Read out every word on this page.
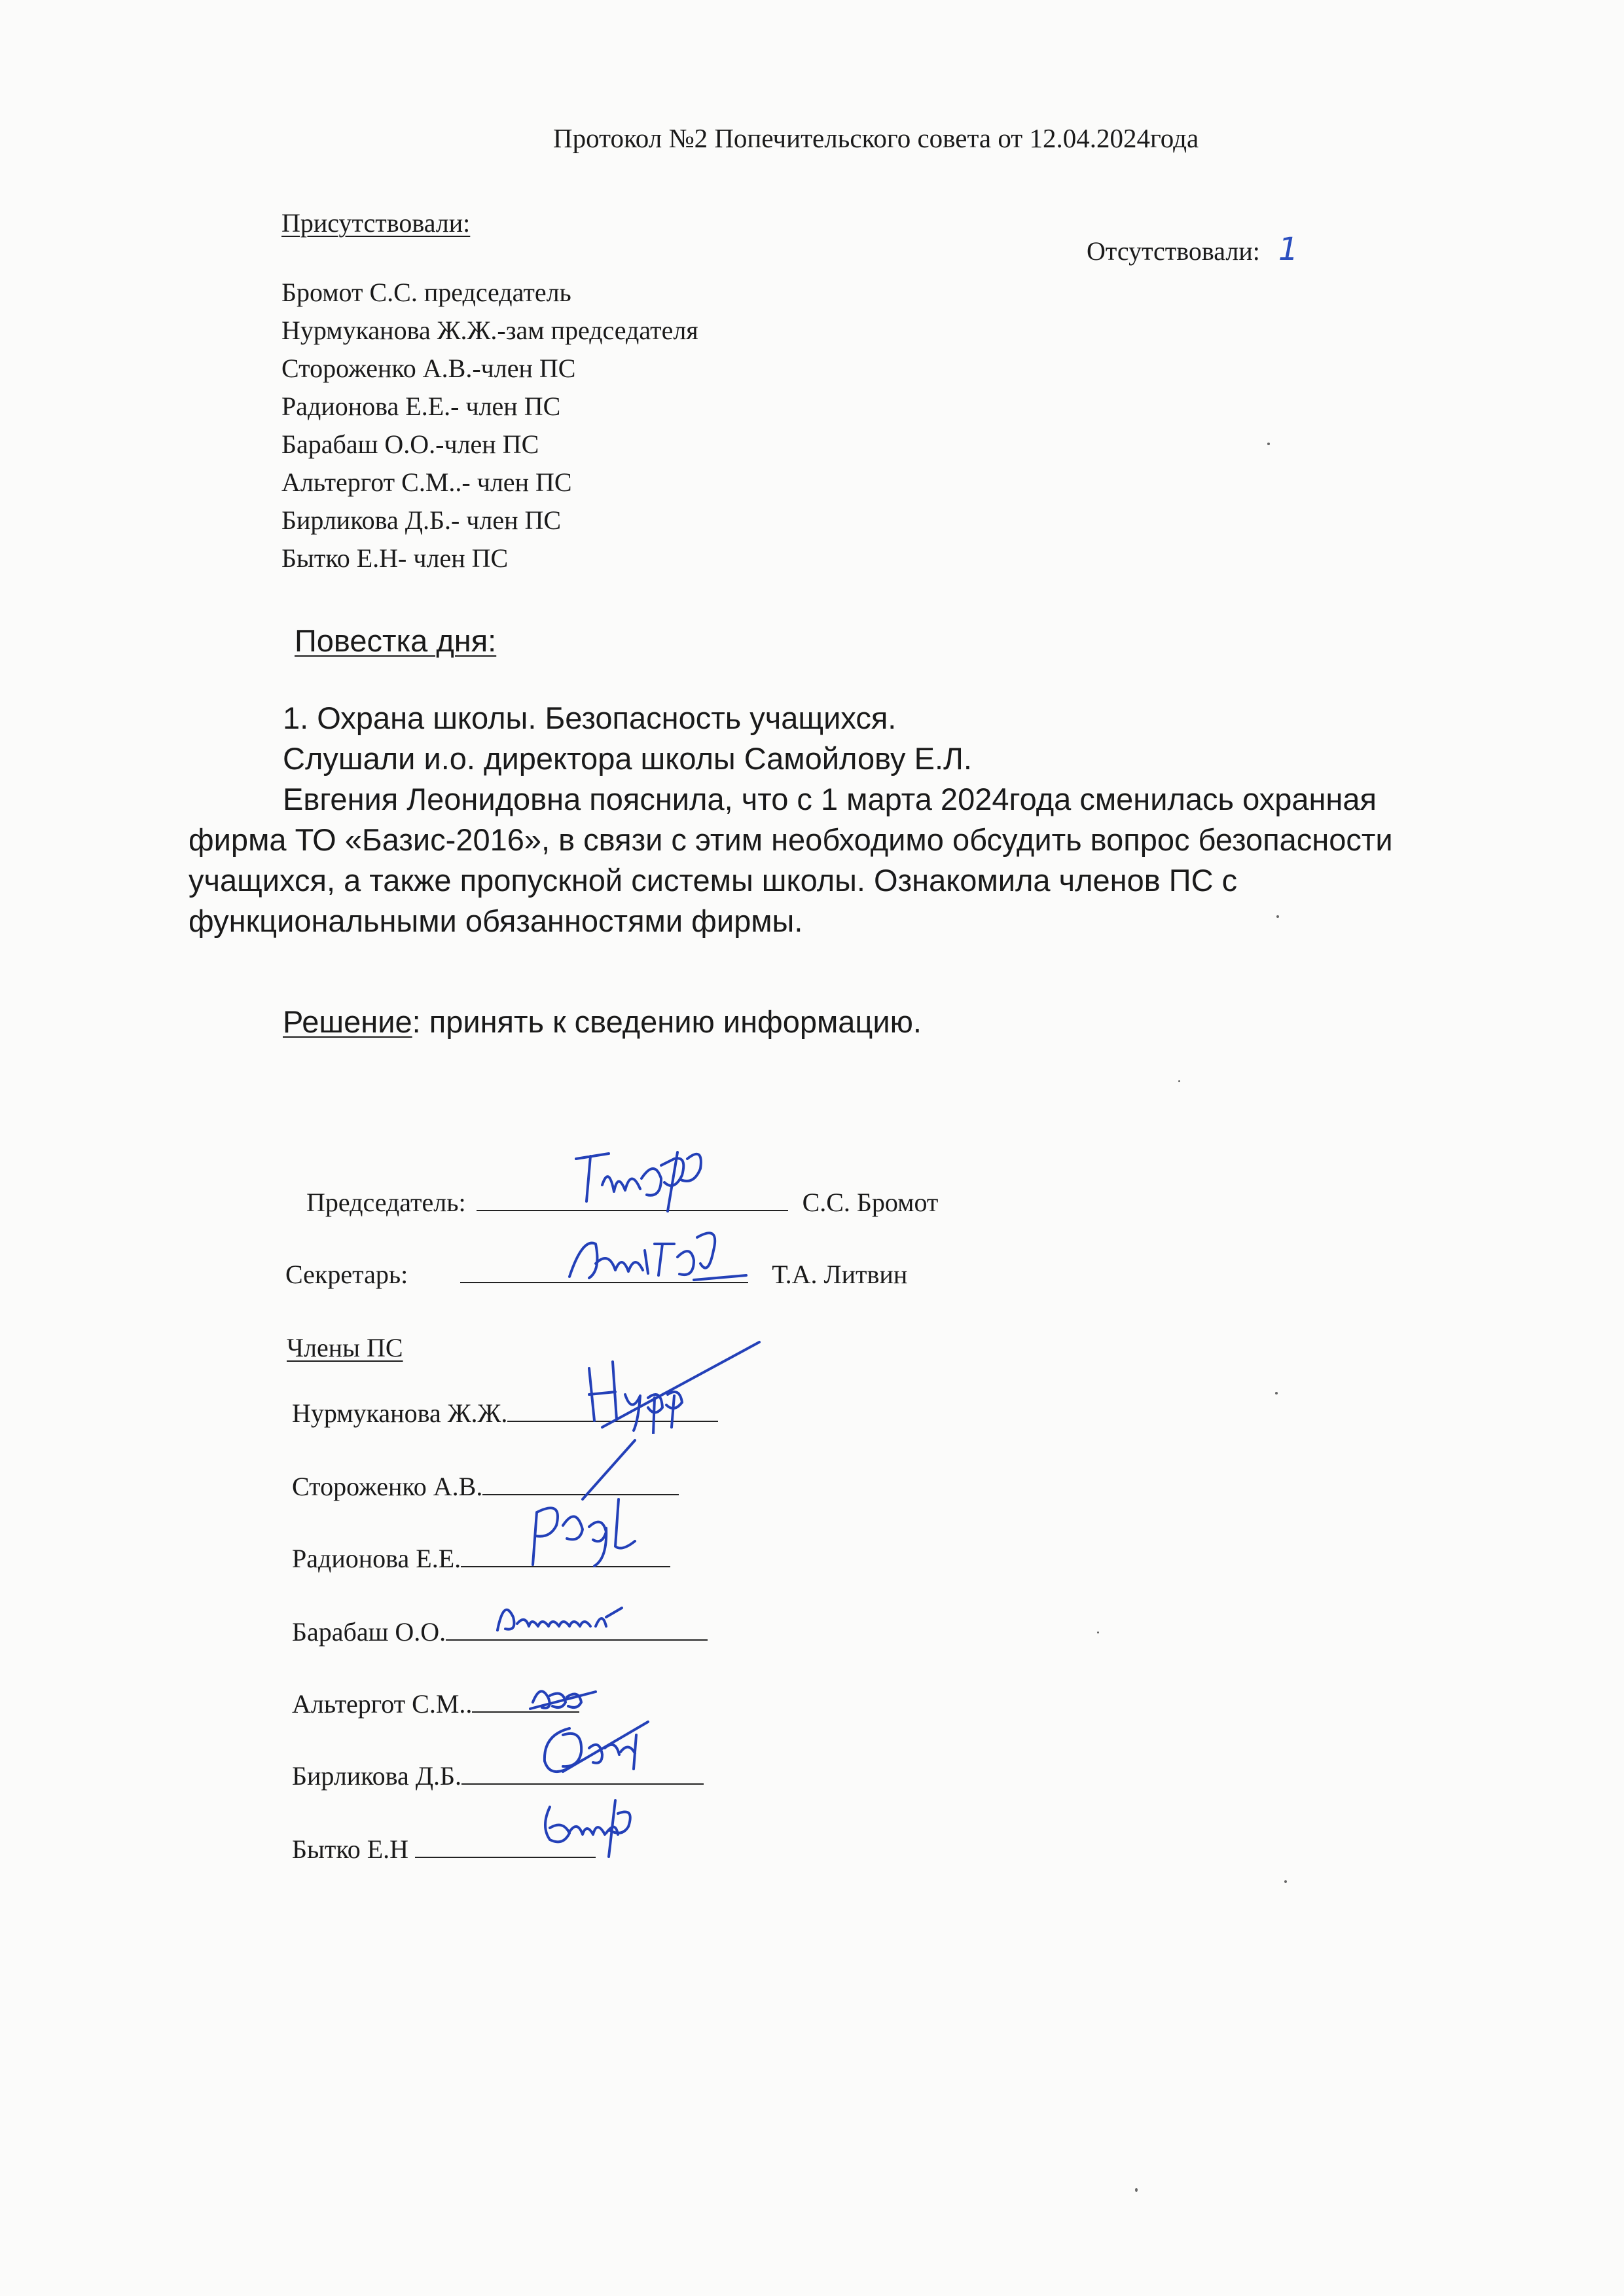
Протокол №2 Попечительского совета от 12.04.2024года
Присутствовали:
Отсутствовали: 1
Бромот С.С. председатель
Нурмуканова Ж.Ж.-зам председателя
Стороженко А.В.-член ПС
Радионова Е.Е.- член ПС
Барабаш О.О.-член ПС
Альтергот С.М..- член ПС
Бирликова Д.Б.- член ПС
Бытко Е.Н- член ПС
Повестка дня:
1. Охрана школы. Безопасность учащихся.
Слушали и.о. директора школы Самойлову Е.Л.
Евгения Леонидовна пояснила, что с 1 марта 2024года сменилась охранная
фирма ТО «Базис-2016», в связи с этим необходимо обсудить вопрос безопасности
учащихся, а также пропускной системы школы. Ознакомила членов ПС с
функциональными обязанностями фирмы.
Решение: принять к сведению информацию.
Председатель:	С.С. Бромот
Секретарь:	Т.А. Литвин
Члены ПС
Нурмуканова Ж.Ж.
Стороженко А.В.
Радионова Е.Е.
Барабаш О.О.
Альтергот С.М..
Бирликова Д.Б.
Бытко Е.Н
